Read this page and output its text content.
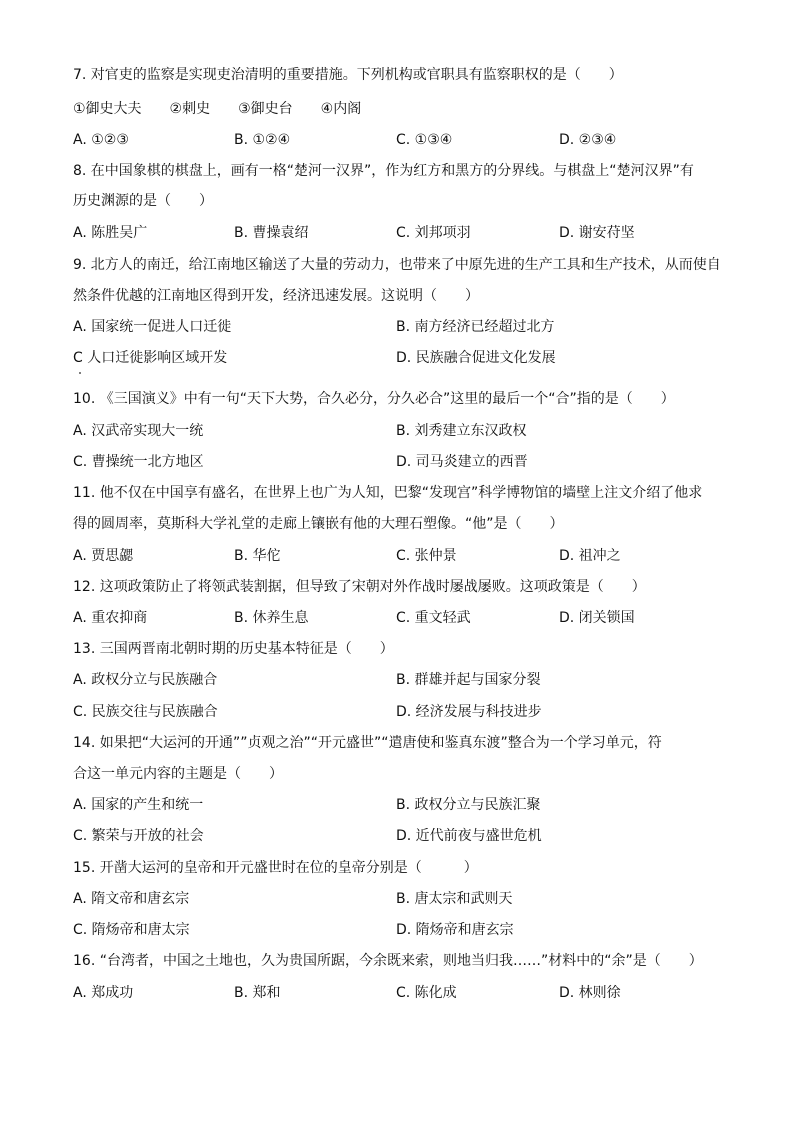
7. 对官吏的监察是实现吏治清明的重要措施。下列机构或官职具有监察职权的是（　　）
①御史大夫　　②刺史　　③御史台　　④内阁
A. ①②③	B. ①②④	C. ①③④	D. ②③④
8. 在中国象棋的棋盘上，画有一格“楚河一汉界”，作为红方和黑方的分界线。与棋盘上“楚河汉界”有
历史渊源的是（　　）
A. 陈胜吴广	B. 曹操袁绍	C. 刘邦项羽	D. 谢安苻坚
9. 北方人的南迁，给江南地区输送了大量的劳动力，也带来了中原先进的生产工具和生产技术，从而使自
然条件优越的江南地区得到开发，经济迅速发展。这说明（　　）
A. 国家统一促进人口迁徙	B. 南方经济已经超过北方
C 人口迁徙影响区域开发	D. 民族融合促进文化发展
10. 《三国演义》中有一句“天下大势，合久必分，分久必合”这里的最后一个“合”指的是（　　）
A. 汉武帝实现大一统	B. 刘秀建立东汉政权
C. 曹操统一北方地区	D. 司马炎建立的西晋
11. 他不仅在中国享有盛名，在世界上也广为人知，巴黎“发现宫”科学博物馆的墙壁上注文介绍了他求
得的圆周率，莫斯科大学礼堂的走廊上镶嵌有他的大理石塑像。“他”是（　　）
A. 贾思勰	B. 华佗	C. 张仲景	D. 祖冲之
12. 这项政策防止了将领武装割据，但导致了宋朝对外作战时屡战屡败。这项政策是（　　）
A. 重农抑商	B. 休养生息	C. 重文轻武	D. 闭关锁国
13. 三国两晋南北朝时期的历史基本特征是（　　）
A. 政权分立与民族融合	B. 群雄并起与国家分裂
C. 民族交往与民族融合	D. 经济发展与科技进步
14. 如果把“大运河的开通””贞观之治”“开元盛世”“遣唐使和鉴真东渡”整合为一个学习单元，符
合这一单元内容的主题是（　　）
A. 国家的产生和统一	B. 政权分立与民族汇聚
C. 繁荣与开放的社会	D. 近代前夜与盛世危机
15. 开凿大运河的皇帝和开元盛世时在位的皇帝分别是（　　　）
A. 隋文帝和唐玄宗	B. 唐太宗和武则天
C. 隋炀帝和唐太宗	D. 隋炀帝和唐玄宗
16. “台湾者，中国之土地也，久为贵国所踞，今余既来索，则地当归我……”材料中的“余”是（　　）
A. 郑成功	B. 郑和	C. 陈化成	D. 林则徐
